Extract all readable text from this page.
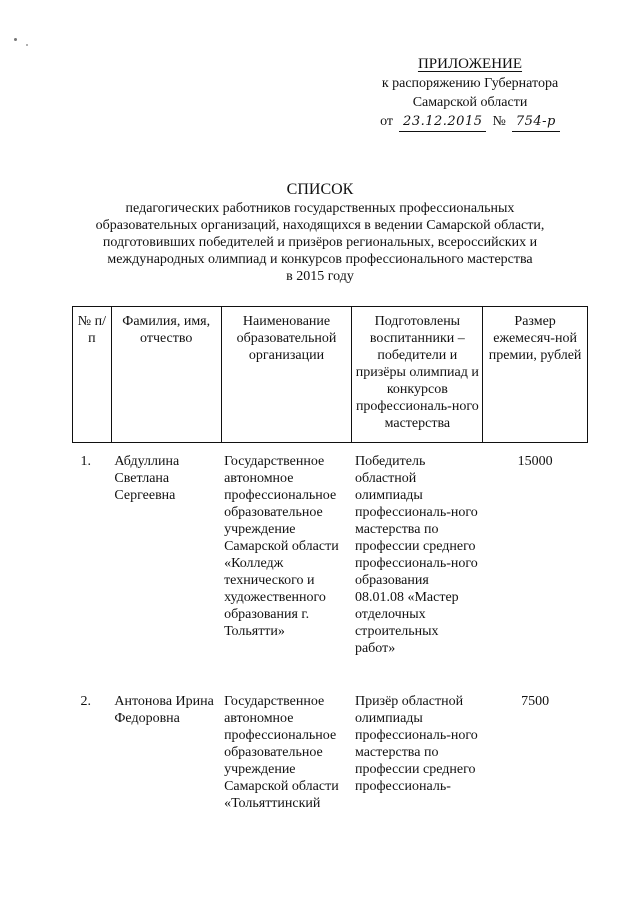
ПРИЛОЖЕНИЕ
к распоряжению Губернатора
Самарской области
от 23.12.2015 № 754-р
СПИСОК
педагогических работников государственных профессиональных
образовательных организаций, находящихся в ведении Самарской области,
подготовивших победителей и призёров региональных, всероссийских и
международных олимпиад и конкурсов профессионального мастерства
в 2015 году
№ п/п	Фамилия, имя, отчество	Наименование образовательной организации	Подготовлены воспитанники – победители и призёры олимпиад и конкурсов профессиональ-ного мастерства	Размер ежемесяч-ной премии, рублей
1.	Абдуллина Светлана Сергеевна	Государственное автономное профессиональное образовательное учреждение Самарской области «Колледж технического и художественного образования г. Тольятти»	Победитель областной олимпиады профессиональ-ного мастерства по профессии среднего профессиональ-ного образования 08.01.08 «Мастер отделочных строительных работ»	15000
2.	Антонова Ирина Федоровна	Государственное автономное профессиональное образовательное учреждение Самарской области «Тольяттинский	Призёр областной олимпиады профессиональ-ного мастерства по профессии среднего профессиональ-	7500
